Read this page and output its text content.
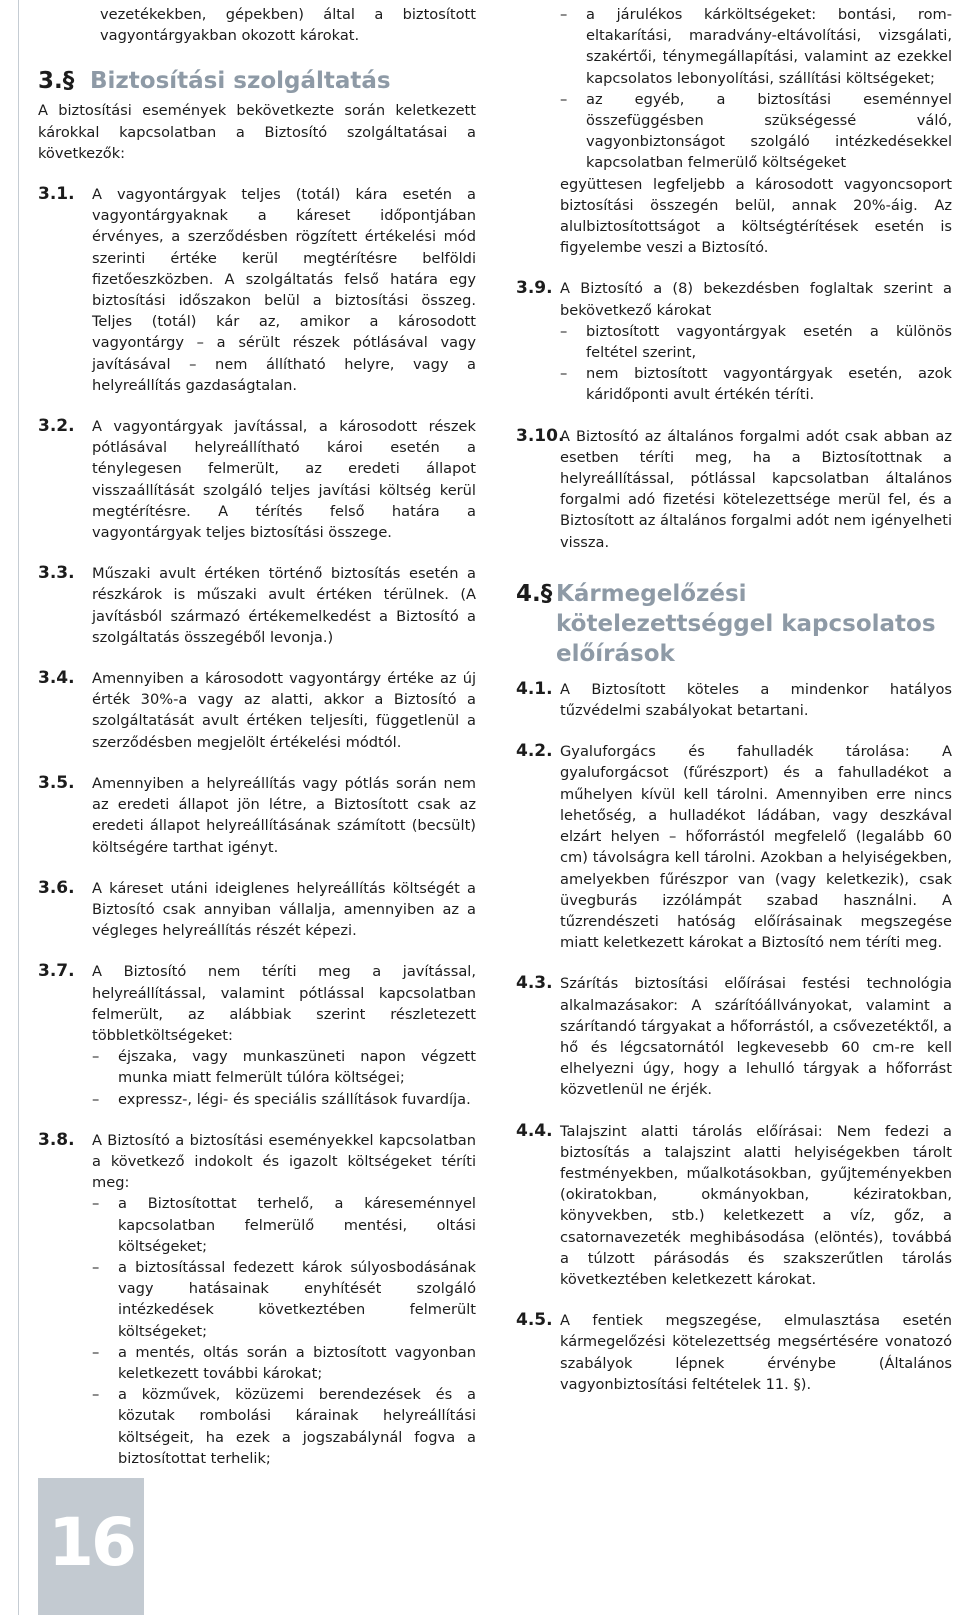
vezetékekben, gépekben) által a biztosított vagyontárgyakban okozott károkat.

3.§ Biztosítási szolgáltatás

A biztosítási események bekövetkezte során keletkezett károkkal kapcsolatban a Biztosító szolgáltatásai a következők:

3.1.	A vagyontárgyak teljes (totál) kára esetén a vagyontárgyaknak a káreset időpontjában érvényes, a szerződésben rögzített értékelési mód szerinti értéke kerül megtérítésre belföldi fizetőeszközben. A szolgáltatás felső határa egy biztosítási időszakon belül a biztosítási összeg. Teljes (totál) kár az, amikor a károsodott vagyontárgy – a sérült részek pótlásával vagy javításával – nem állítható helyre, vagy a helyreállítás gazdaságtalan.

3.2.	A vagyontárgyak javítással, a károsodott részek pótlásával helyreállítható károi esetén a ténylegesen felmerült, az eredeti állapot visszaállítását szolgáló teljes javítási költség kerül megtérítésre. A térítés felső határa a vagyontárgyak teljes biztosítási összege.

3.3.	Műszaki avult értéken történő biztosítás esetén a részkárok is műszaki avult értéken térülnek. (A javításból származó értékemelkedést a Biztosító a szolgáltatás összegéből levonja.)

3.4.	Amennyiben a károsodott vagyontárgy értéke az új érték 30%-a vagy az alatti, akkor a Biztosító a szolgáltatását avult értéken teljesíti, függetlenül a szerződésben megjelölt értékelési módtól.

3.5.	Amennyiben a helyreállítás vagy pótlás során nem az eredeti állapot jön létre, a Biztosított csak az eredeti állapot helyreállításának számított (becsült) költségére tarthat igényt.

3.6.	A káreset utáni ideiglenes helyreállítás költségét a Biztosító csak annyiban vállalja, amennyiben az a végleges helyreállítás részét képezi.

3.7.	A Biztosító nem téríti meg a javítással, helyreállítással, valamint pótlással kapcsolatban felmerült, az alábbiak szerint részletezett többletköltségeket:

– éjszaka, vagy munkaszüneti napon végzett munka miatt felmerült túlóra költségei;
– expressz-, légi- és speciális szállítások fuvardíja.
3.8.	A Biztosító a biztosítási eseményekkel kapcsolatban a következő indokolt és igazolt költségeket téríti meg:

– a Biztosítottat terhelő, a káreseménnyel kapcsolatban felmerülő mentési, oltási költségeket;
– a biztosítással fedezett károk súlyosbodásának vagy hatásainak enyhítését szolgáló intézkedések következtében felmerült költségeket;
– a mentés, oltás során a biztosított vagyonban keletkezett további károkat;
– a közművek, közüzemi berendezések és a közutak rombolási kárainak helyreállítási költségeit, ha ezek a jogszabálynál fogva a biztosítottat terhelik;
– a járulékos kárköltségeket: bontási, rom-eltakarítási, maradvány-eltávolítási, vizsgálati, szakértői, ténymegállapítási, valamint az ezekkel kapcsolatos lebonyolítási, szállítási költségeket;
– az egyéb, a biztosítási eseménnyel összefüggésben szükségessé váló, vagyonbiztonságot szolgáló intézkedésekkel kapcsolatban felmerülő költségeket

együttesen legfeljebb a károsodott vagyoncsoport biztosítási összegén belül, annak 20%-áig. Az alulbiztosítottságot a költségtérítések esetén is figyelembe veszi a Biztosító.

3.9. A Biztosító a (8) bekezdésben foglaltak szerint a bekövetkező károkat

– biztosított vagyontárgyak esetén a különös feltétel szerint,
– nem biztosított vagyontárgyak esetén, azok káridőponti avult értékén téríti.
3.10.

A Biztosító az általános forgalmi adót csak abban az esetben téríti meg, ha a Biztosítottnak a helyreállítással, pótlással kapcsolatban általános forgalmi adó fizetési kötelezettsége merül fel, és a Biztosított az általános forgalmi adót nem igényelheti vissza.

4.§ Kármegelőzési kötelezettséggel kapcsolatos előírások
4.1. A Biztosított köteles a mindenkor hatályos tűzvédelmi szabályokat betartani.

4.2. Gyaluforgács és fahulladék tárolása: A gyaluforgácsot (fűrészport) és a fahulladékot a műhelyen kívül kell tárolni. Amennyiben erre nincs lehetőség, a hulladékot ládában, vagy deszkával elzárt helyen – hőforrástól megfelelő (legalább 60 cm) távolságra kell tárolni. Azokban a helyiségekben, amelyekben fűrészpor van (vagy keletkezik), csak üvegburás izzólámpát szabad használni. A tűzrendészeti hatóság előírásainak megszegése miatt keletkezett károkat a Biztosító nem téríti meg.

4.3. Szárítás biztosítási előírásai festési technológia alkalmazásakor: A szárítóállványokat, valamint a szárítandó tárgyakat a hőforrástól, a csővezetéktől, a hő és légcsatornától legkevesebb 60 cm-re kell elhelyezni úgy, hogy a lehulló tárgyak a hőforrást közvetlenül ne érjék.

4.4. Talajszint alatti tárolás előírásai: Nem fedezi a biztosítás a talajszint alatti helyiségekben tárolt festményekben, műalkotásokban, gyűjteményekben (okiratokban, okmányokban, kéziratokban, könyvekben, stb.) keletkezett a víz, gőz, a csatornavezeték meghibásodása (elöntés), továbbá a túlzott párásodás és szakszerűtlen tárolás következtében keletkezett károkat.

4.5. A fentiek megszegése, elmulasztása esetén kármegelőzési kötelezettség megsértésére vonatozó szabályok lépnek érvénybe (Általános vagyonbiztosítási feltételek 11. §).

16
